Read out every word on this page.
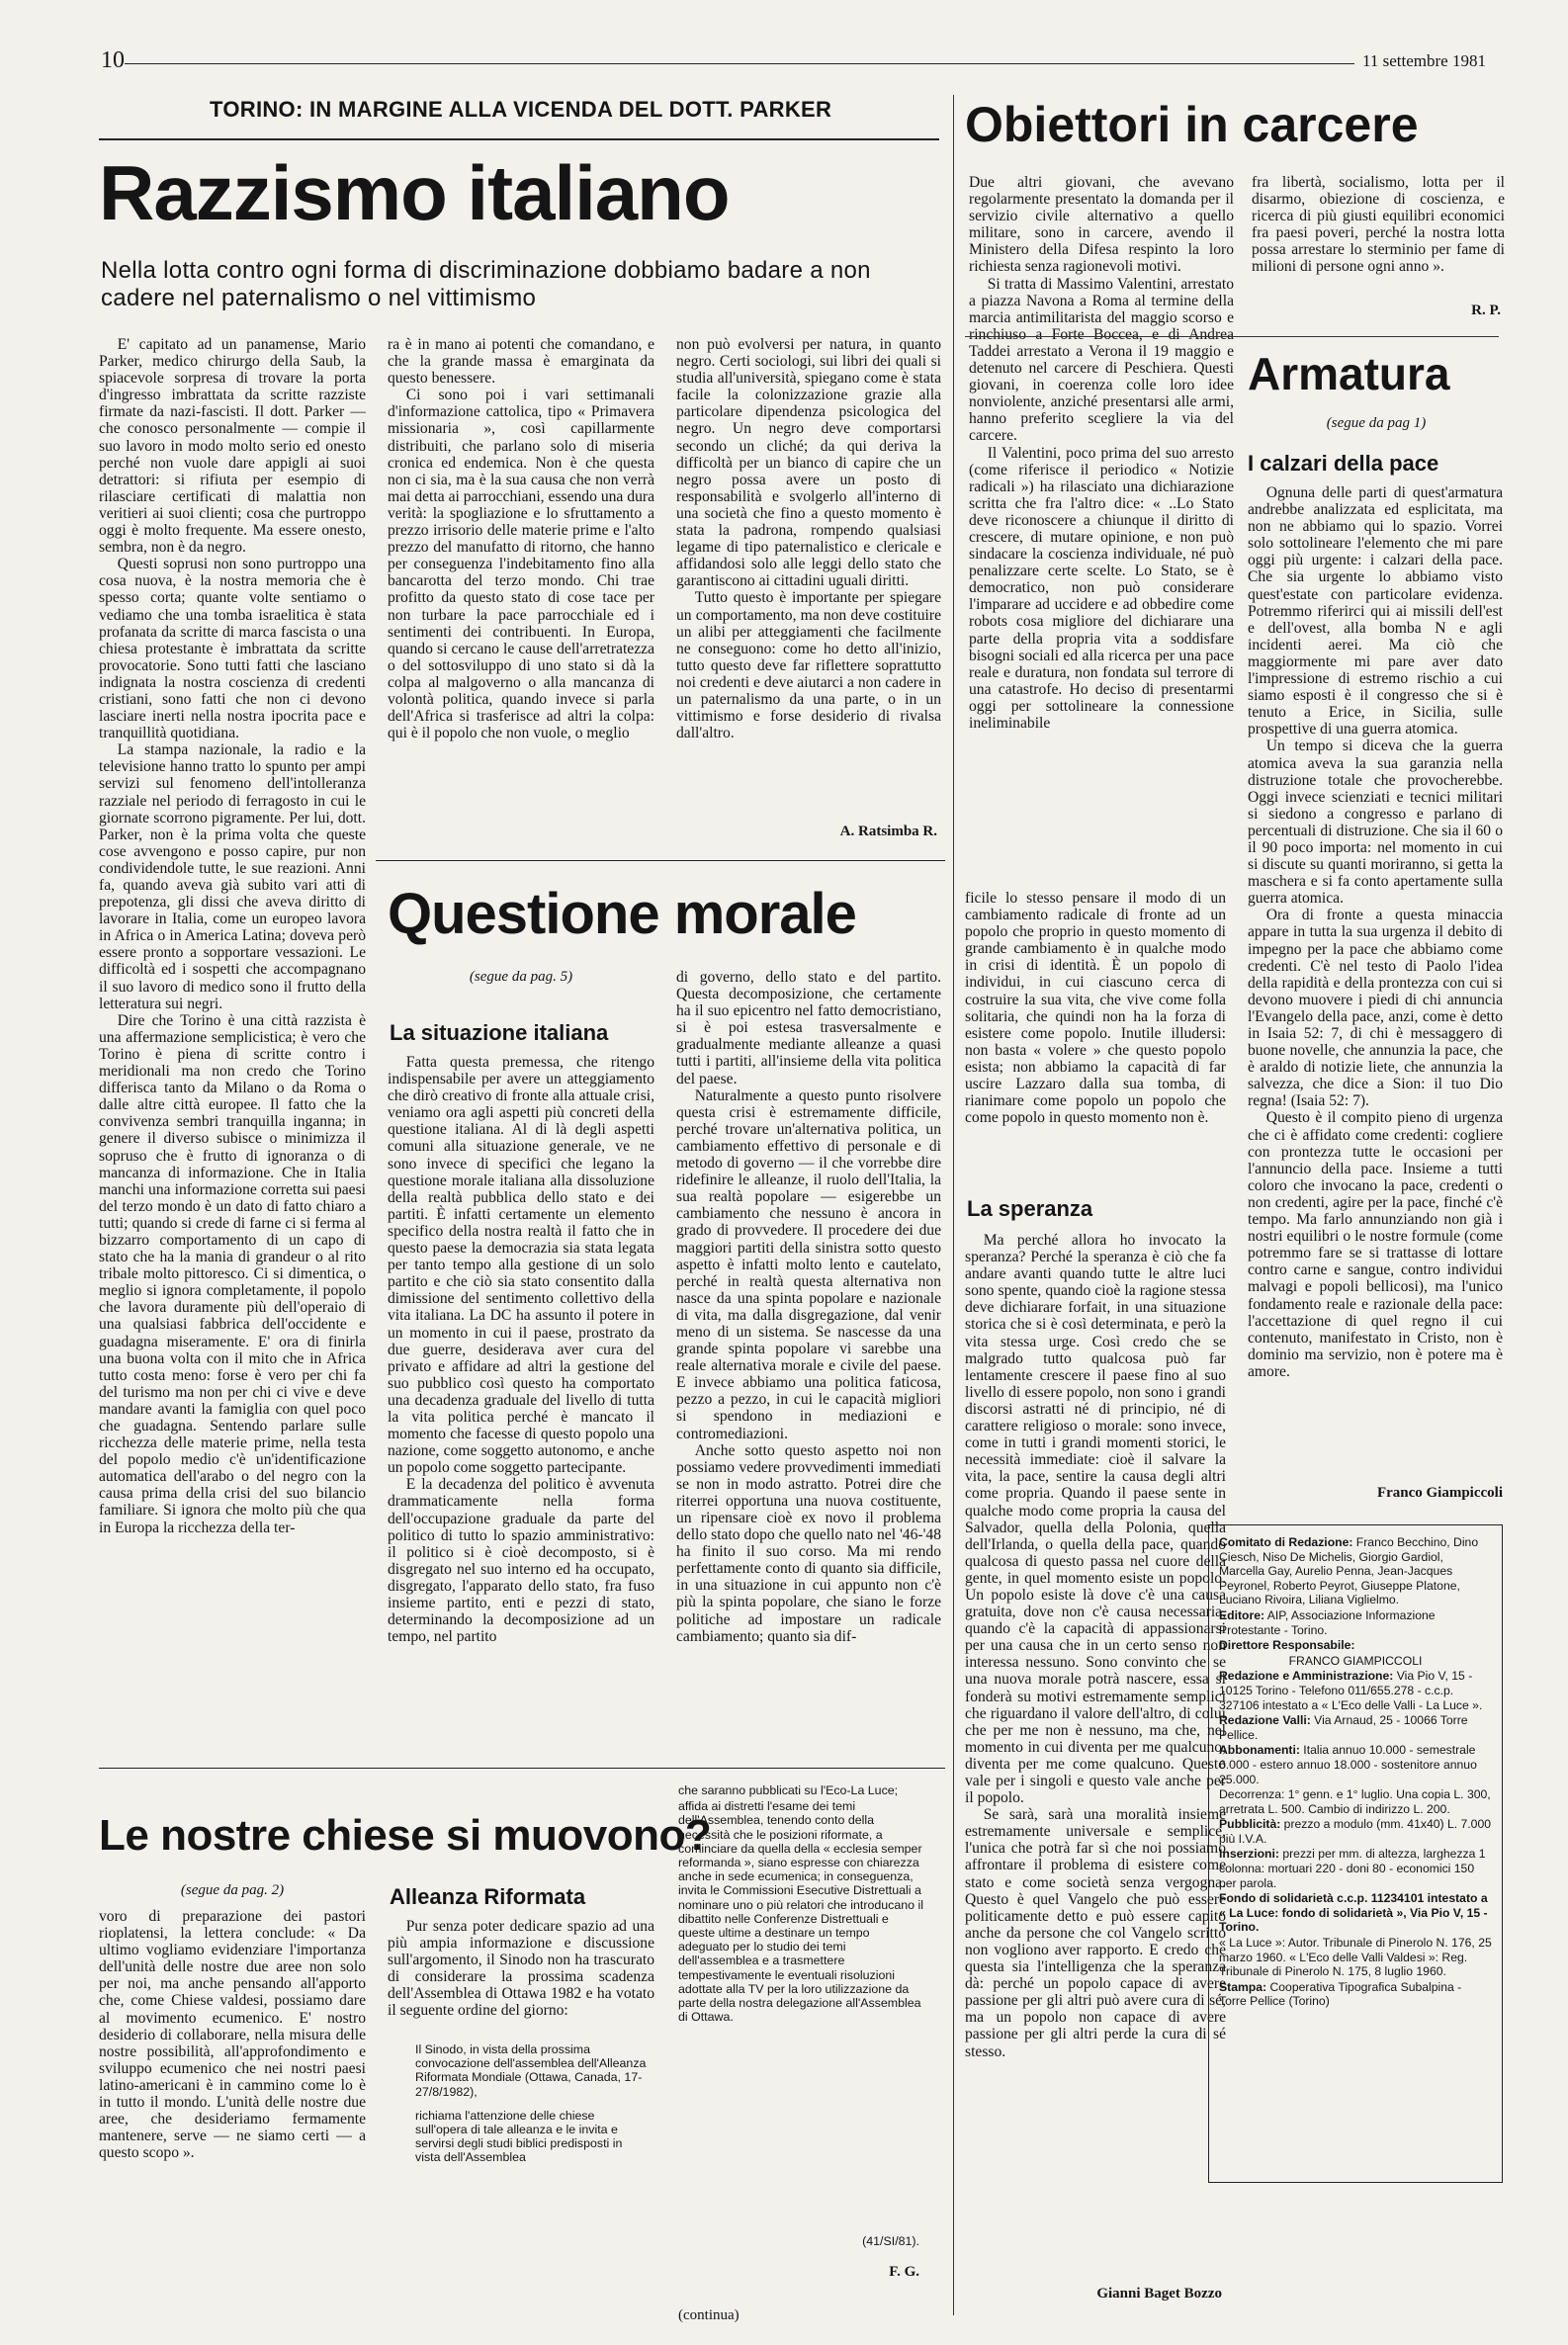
10	11 settembre 1981
TORINO: IN MARGINE ALLA VICENDA DEL DOTT. PARKER
Razzismo italiano
Nella lotta contro ogni forma di discriminazione dobbiamo badare a non cadere nel paternalismo o nel vittimismo

E' capitato ad un panamense, Mario Parker, medico chirurgo della Saub, la spiacevole sorpresa di trovare la porta d'ingresso imbrattata da scritte razziste firmate da nazi-fascisti. Il dott. Parker — che conosco personalmente — compie il suo lavoro in modo molto serio ed onesto perché non vuole dare appigli ai suoi detrattori: si rifiuta per esempio di rilasciare certificati di malattia non veritieri ai suoi clienti; cosa che purtroppo oggi è molto frequente. Ma essere onesto, sembra, non è da negro.

Questi soprusi non sono purtroppo una cosa nuova, è la nostra memoria che è spesso corta; quante volte sentiamo o vediamo che una tomba israelitica è stata profanata da scritte di marca fascista o una chiesa protestante è imbrattata da scritte provocatorie. Sono tutti fatti che lasciano indignata la nostra coscienza di credenti cristiani, sono fatti che non ci devono lasciare inerti nella nostra ipocrita pace e tranquillità quotidiana.

La stampa nazionale, la radio e la televisione hanno tratto lo spunto per ampi servizi sul fenomeno dell'intolleranza razziale nel periodo di ferragosto in cui le giornate scorrono pigramente. Per lui, dott. Parker, non è la prima volta che queste cose avvengono e posso capire, pur non condividendole tutte, le sue reazioni. Anni fa, quando aveva già subito vari atti di prepotenza, gli dissi che aveva diritto di lavorare in Italia, come un europeo lavora in Africa o in America Latina; doveva però essere pronto a sopportare vessazioni. Le difficoltà ed i sospetti che accompagnano il suo lavoro di medico sono il frutto della letteratura sui negri.

Dire che Torino è una città razzista è una affermazione semplicistica; è vero che Torino è piena di scritte contro i meridionali ma non credo che Torino differisca tanto da Milano o da Roma o dalle altre città europee. Il fatto che la convivenza sembri tranquilla inganna; in genere il diverso subisce o minimizza il sopruso che è frutto di ignoranza o di mancanza di informazione. Che in Italia manchi una informazione corretta sui paesi del terzo mondo è un dato di fatto chiaro a tutti; quando si crede di farne ci si ferma al bizzarro comportamento di un capo di stato che ha la mania di grandeur o al rito tribale molto pittoresco. Ci si dimentica, o meglio si ignora completamente, il popolo che lavora duramente più dell'operaio di una qualsiasi fabbrica dell'occidente e guadagna miseramente. E' ora di finirla una buona volta con il mito che in Africa tutto costa meno: forse è vero per chi fa del turismo ma non per chi ci vive e deve mandare avanti la famiglia con quel poco che guadagna. Sentendo parlare sulle ricchezza delle materie prime, nella testa del popolo medio c'è un'identificazione automatica dell'arabo o del negro con la causa prima della crisi del suo bilancio familiare. Si ignora che molto più che qua in Europa la ricchezza della ter-

ra è in mano ai potenti che comandano, e che la grande massa è emarginata da questo benessere.

Ci sono poi i vari settimanali d'informazione cattolica, tipo « Primavera missionaria », così capillarmente distribuiti, che parlano solo di miseria cronica ed endemica. Non è che questa non ci sia, ma è la sua causa che non verrà mai detta ai parrocchiani, essendo una dura verità: la spogliazione e lo sfruttamento a prezzo irrisorio delle materie prime e l'alto prezzo del manufatto di ritorno, che hanno per conseguenza l'indebitamento fino alla bancarotta del terzo mondo. Chi trae profitto da questo stato di cose tace per non turbare la pace parrocchiale ed i sentimenti dei contribuenti. In Europa, quando si cercano le cause dell'arretratezza o del sottosviluppo di uno stato si dà la colpa al malgoverno o alla mancanza di volontà politica, quando invece si parla dell'Africa si trasferisce ad altri la colpa: qui è il popolo che non vuole, o meglio

non può evolversi per natura, in quanto negro. Certi sociologi, sui libri dei quali si studia all'università, spiegano come è stata facile la colonizzazione grazie alla particolare dipendenza psicologica del negro. Un negro deve comportarsi secondo un cliché; da qui deriva la difficoltà per un bianco di capire che un negro possa avere un posto di responsabilità e svolgerlo all'interno di una società che fino a questo momento è stata la padrona, rompendo qualsiasi legame di tipo paternalistico e clericale e affidandosi solo alle leggi dello stato che garantiscono ai cittadini uguali diritti.

Tutto questo è importante per spiegare un comportamento, ma non deve costituire un alibi per atteggiamenti che facilmente ne conseguono: come ho detto all'inizio, tutto questo deve far riflettere soprattutto noi credenti e deve aiutarci a non cadere in un paternalismo da una parte, o in un vittimismo e forse desiderio di rivalsa dall'altro.

A. Ratsimba R.
Obiettori in carcere

Due altri giovani, che avevano regolarmente presentato la domanda per il servizio civile alternativo a quello militare, sono in carcere, avendo il Ministero della Difesa respinto la loro richiesta senza ragionevoli motivi.

Si tratta di Massimo Valentini, arrestato a piazza Navona a Roma al termine della marcia antimilitarista del maggio scorso e rinchiuso a Forte Boccea, e di Andrea Taddei arrestato a Verona il 19 maggio e detenuto nel carcere di Peschiera. Questi giovani, in coerenza colle loro idee nonviolente, anziché presentarsi alle armi, hanno preferito scegliere la via del carcere.

Il Valentini, poco prima del suo arresto (come riferisce il periodico « Notizie radicali ») ha rilasciato una dichiarazione scritta che fra l'altro dice: « ..Lo Stato deve riconoscere a chiunque il diritto di crescere, di mutare opinione, e non può sindacare la coscienza individuale, né può penalizzare certe scelte. Lo Stato, se è democratico, non può considerare l'imparare ad uccidere e ad obbedire come robots cosa migliore del dichiarare una parte della propria vita a soddisfare bisogni sociali ed alla ricerca per una pace reale e duratura, non fondata sul terrore di una catastrofe. Ho deciso di presentarmi oggi per sottolineare la connessione ineliminabile

fra libertà, socialismo, lotta per il disarmo, obiezione di coscienza, e ricerca di più giusti equilibri economici fra paesi poveri, perché la nostra lotta possa arrestare lo sterminio per fame di milioni di persone ogni anno ».

R. P.
Armatura
(segue da pag 1)
I calzari della pace

Ognuna delle parti di quest'armatura andrebbe analizzata ed esplicitata, ma non ne abbiamo qui lo spazio. Vorrei solo sottolineare l'elemento che mi pare oggi più urgente: i calzari della pace. Che sia urgente lo abbiamo visto quest'estate con particolare evidenza. Potremmo riferirci qui ai missili dell'est e dell'ovest, alla bomba N e agli incidenti aerei. Ma ciò che maggiormente mi pare aver dato l'impressione di estremo rischio a cui siamo esposti è il congresso che si è tenuto a Erice, in Sicilia, sulle prospettive di una guerra atomica.

Un tempo si diceva che la guerra atomica aveva la sua garanzia nella distruzione totale che provocherebbe. Oggi invece scienziati e tecnici militari si siedono a congresso e parlano di percentuali di distruzione. Che sia il 60 o il 90 poco importa: nel momento in cui si discute su quanti moriranno, si getta la maschera e si fa conto apertamente sulla guerra atomica.

Ora di fronte a questa minaccia appare in tutta la sua urgenza il debito di impegno per la pace che abbiamo come credenti. C'è nel testo di Paolo l'idea della rapidità e della prontezza con cui si devono muovere i piedi di chi annuncia l'Evangelo della pace, anzi, come è detto in Isaia 52: 7, di chi è messaggero di buone novelle, che annunzia la pace, che è araldo di notizie liete, che annunzia la salvezza, che dice a Sion: il tuo Dio regna! (Isaia 52: 7).

Questo è il compito pieno di urgenza che ci è affidato come credenti: cogliere con prontezza tutte le occasioni per l'annuncio della pace. Insieme a tutti coloro che invocano la pace, credenti o non credenti, agire per la pace, finché c'è tempo. Ma farlo annunziando non già i nostri equilibri o le nostre formule (come potremmo fare se si trattasse di lottare contro carne e sangue, contro individui malvagi e popoli bellicosi), ma l'unico fondamento reale e razionale della pace: l'accettazione di quel regno il cui contenuto, manifestato in Cristo, non è dominio ma servizio, non è potere ma è amore.

Franco Giampiccoli

Comitato di Redazione: Franco Becchino, Dino Ciesch, Niso De Michelis, Giorgio Gardiol, Marcella Gay, Aurelio Penna, Jean-Jacques Peyronel, Roberto Peyrot, Giuseppe Platone, Luciano Rivoira, Liliana Viglielmo.

Editore: AIP, Associazione Informazione Protestante - Torino.

Direttore Responsabile:

FRANCO GIAMPICCOLI

Redazione e Amministrazione: Via Pio V, 15 - 10125 Torino - Telefono 011/655.278 - c.c.p. 327106 intestato a « L'Eco delle Valli - La Luce ».

Redazione Valli: Via Arnaud, 25 - 10066 Torre Pellice.

Abbonamenti: Italia annuo 10.000 - semestrale 6.000 - estero annuo 18.000 - sostenitore annuo 25.000.

Decorrenza: 1° genn. e 1° luglio. Una copia L. 300, arretrata L. 500. Cambio di indirizzo L. 200.

Pubblicità: prezzo a modulo (mm. 41x40) L. 7.000 più I.V.A.

Inserzioni: prezzi per mm. di altezza, larghezza 1 colonna: mortuari 220 - doni 80 - economici 150 per parola.

Fondo di solidarietà c.c.p. 11234101 intestato a « La Luce: fondo di solidarietà », Via Pio V, 15 - Torino.

« La Luce »: Autor. Tribunale di Pinerolo N. 176, 25 marzo 1960. « L'Eco delle Valli Valdesi »: Reg. Tribunale di Pinerolo N. 175, 8 luglio 1960.

Stampa: Cooperativa Tipografica Subalpina - Torre Pellice (Torino)

Questione morale
(segue da pag. 5)
La situazione italiana

Fatta questa premessa, che ritengo indispensabile per avere un atteggiamento che dirò creativo di fronte alla attuale crisi, veniamo ora agli aspetti più concreti della questione italiana. Al di là degli aspetti comuni alla situazione generale, ve ne sono invece di specifici che legano la questione morale italiana alla dissoluzione della realtà pubblica dello stato e dei partiti. È infatti certamente un elemento specifico della nostra realtà il fatto che in questo paese la democrazia sia stata legata per tanto tempo alla gestione di un solo partito e che ciò sia stato consentito dalla dimissione del sentimento collettivo della vita italiana. La DC ha assunto il potere in un momento in cui il paese, prostrato da due guerre, desiderava aver cura del privato e affidare ad altri la gestione del suo pubblico così questo ha comportato una decadenza graduale del livello di tutta la vita politica perché è mancato il momento che facesse di questo popolo una nazione, come soggetto autonomo, e anche un popolo come soggetto partecipante.

E la decadenza del politico è avvenuta drammaticamente nella forma dell'occupazione graduale da parte del politico di tutto lo spazio amministrativo: il politico si è cioè decomposto, si è disgregato nel suo interno ed ha occupato, disgregato, l'apparato dello stato, fra fuso insieme partito, enti e pezzi di stato, determinando la decomposizione ad un tempo, nel partito

di governo, dello stato e del partito. Questa decomposizione, che certamente ha il suo epicentro nel fatto democristiano, si è poi estesa trasversalmente e gradualmente mediante alleanze a quasi tutti i partiti, all'insieme della vita politica del paese.

Naturalmente a questo punto risolvere questa crisi è estremamente difficile, perché trovare un'alternativa politica, un cambiamento effettivo di personale e di metodo di governo — il che vorrebbe dire ridefinire le alleanze, il ruolo dell'Italia, la sua realtà popolare — esigerebbe un cambiamento che nessuno è ancora in grado di provvedere. Il procedere dei due maggiori partiti della sinistra sotto questo aspetto è infatti molto lento e cautelato, perché in realtà questa alternativa non nasce da una spinta popolare e nazionale di vita, ma dalla disgregazione, dal venir meno di un sistema. Se nascesse da una grande spinta popolare vi sarebbe una reale alternativa morale e civile del paese. E invece abbiamo una politica faticosa, pezzo a pezzo, in cui le capacità migliori si spendono in mediazioni e contromediazioni.

Anche sotto questo aspetto noi non possiamo vedere provvedimenti immediati se non in modo astratto. Potrei dire che riterrei opportuna una nuova costituente, un ripensare cioè ex novo il problema dello stato dopo che quello nato nel '46-'48 ha finito il suo corso. Ma mi rendo perfettamente conto di quanto sia difficile, in una situazione in cui appunto non c'è più la spinta popolare, che siano le forze politiche ad impostare un radicale cambiamento; quanto sia dif-

ficile lo stesso pensare il modo di un cambiamento radicale di fronte ad un popolo che proprio in questo momento di grande cambiamento è in qualche modo in crisi di identità. È un popolo di individui, in cui ciascuno cerca di costruire la sua vita, che vive come folla solitaria, che quindi non ha la forza di esistere come popolo. Inutile illudersi: non basta « volere » che questo popolo esista; non abbiamo la capacità di far uscire Lazzaro dalla sua tomba, di rianimare come popolo un popolo che come popolo in questo momento non è.

La speranza

Ma perché allora ho invocato la speranza? Perché la speranza è ciò che fa andare avanti quando tutte le altre luci sono spente, quando cioè la ragione stessa deve dichiarare forfait, in una situazione storica che si è così determinata, e però la vita stessa urge. Così credo che se malgrado tutto qualcosa può far lentamente crescere il paese fino al suo livello di essere popolo, non sono i grandi discorsi astratti né di principio, né di carattere religioso o morale: sono invece, come in tutti i grandi momenti storici, le necessità immediate: cioè il salvare la vita, la pace, sentire la causa degli altri come propria. Quando il paese sente in qualche modo come propria la causa del Salvador, quella della Polonia, quella dell'Irlanda, o quella della pace, quando qualcosa di questo passa nel cuore della gente, in quel momento esiste un popolo. Un popolo esiste là dove c'è una causa gratuita, dove non c'è causa necessaria, quando c'è la capacità di appassionarsi per una causa che in un certo senso non interessa nessuno. Sono convinto che se una nuova morale potrà nascere, essa si fonderà su motivi estremamente semplici che riguardano il valore dell'altro, di colui che per me non è nessuno, ma che, nel momento in cui diventa per me qualcuno, diventa per me come qualcuno. Questo vale per i singoli e questo vale anche per il popolo.

Se sarà, sarà una moralità insieme estremamente universale e semplice, l'unica che potrà far sì che noi possiamo affrontare il problema di esistere come stato e come società senza vergogna. Questo è quel Vangelo che può essere politicamente detto e può essere capito anche da persone che col Vangelo scritto non vogliono aver rapporto. E credo che questa sia l'intelligenza che la speranza dà: perché un popolo capace di avere passione per gli altri può avere cura di sé, ma un popolo non capace di avere passione per gli altri perde la cura di sé stesso.

Gianni Baget Bozzo
Le nostre chiese si muovono?
(segue da pag. 2)

voro di preparazione dei pastori rioplatensi, la lettera conclude: « Da ultimo vogliamo evidenziare l'importanza dell'unità delle nostre due aree non solo per noi, ma anche pensando all'apporto che, come Chiese valdesi, possiamo dare al movimento ecumenico. E' nostro desiderio di collaborare, nella misura delle nostre possibilità, all'approfondimento e sviluppo ecumenico che nei nostri paesi latino-americani è in cammino come lo è in tutto il mondo. L'unità delle nostre due aree, che desideriamo fermamente mantenere, serve — ne siamo certi — a questo scopo ».

Alleanza Riformata

Pur senza poter dedicare spazio ad una più ampia informazione e discussione sull'argomento, il Sinodo non ha trascurato di considerare la prossima scadenza dell'Assemblea di Ottawa 1982 e ha votato il seguente ordine del giorno:

Il Sinodo, in vista della prossima convocazione dell'assemblea dell'Alleanza Riformata Mondiale (Ottawa, Canada, 17-27/8/1982),

richiama l'attenzione delle chiese sull'opera di tale alleanza e le invita e servirsi degli studi biblici predisposti in vista dell'Assemblea

che saranno pubblicati su l'Eco-La Luce;

affida ai distretti l'esame dei temi dell'Assemblea, tenendo conto della necessità che le posizioni riformate, a cominciare da quella della « ecclesia semper reformanda », siano espresse con chiarezza anche in sede ecumenica; in conseguenza, invita le Commissioni Esecutive Distrettuali a nominare uno o più relatori che introducano il dibattito nelle Conferenze Distrettuali e queste ultime a destinare un tempo adeguato per lo studio dei temi dell'assemblea e a trasmettere tempestivamente le eventuali risoluzioni adottate alla TV per la loro utilizzazione da parte della nostra delegazione all'Assemblea di Ottawa.

(41/SI/81).
F. G.
(continua)
